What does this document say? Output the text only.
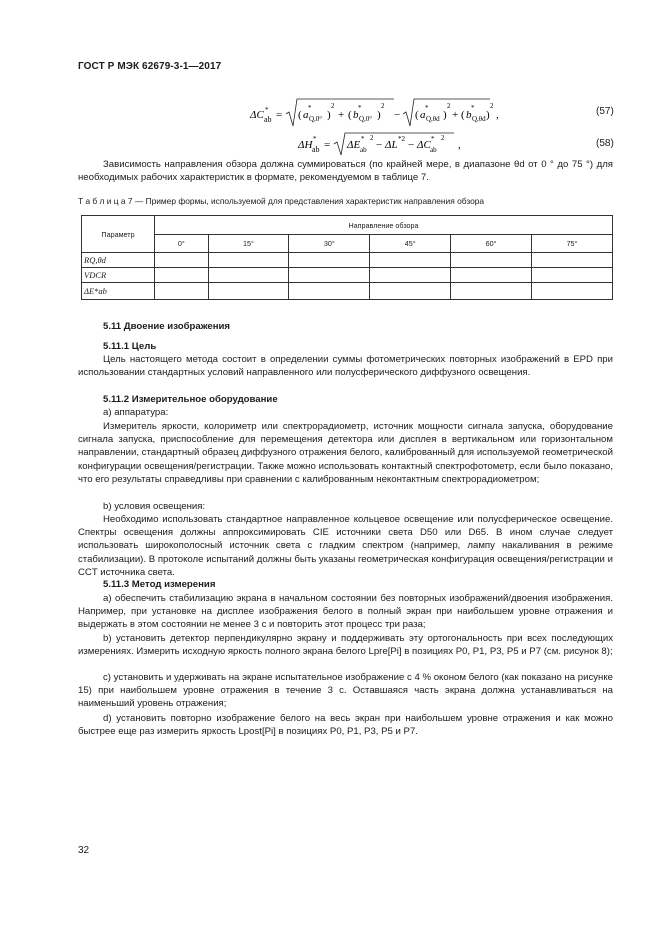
ГОСТ Р МЭК 62679-3-1—2017
ΔC *
ab = ( a
*
Q,0° )
2
+ ( b
*
Q,0° )
2
− ( a
*
Q,θd )
2
+ ( b
*
Q,θd )
2
,	(57)
ΔH *
ab = ΔE *
ab
2
− ΔL *2 − ΔC *
ab
2
,	(58)
Зависимость направления обзора должна суммироваться (по крайней мере, в диапазоне θd от 0 ° до 75 °) для необходимых рабочих характеристик в формате, рекомендуемом в таблице 7.
Т а б л и ц а 7 — Пример формы, используемой для представления характеристик направления обзора
Параметр	Направление обзора					
	0°	15°	30°	45°	60°	75°
RQ,θd						
VDCR						
ΔE*ab						
5.11 Двоение изображения
5.11.1 Цель
Цель настоящего метода состоит в определении суммы фотометрических повторных изображений в EPD при использовании стандартных условий направленного или полусферического диффузного освещения.
5.11.2 Измерительное оборудование
а) аппаратура:
Измеритель яркости, колориметр или спектрорадиометр, источник мощности сигнала запуска, оборудование сигнала запуска, приспособление для перемещения детектора или дисплея в вертикальном или горизонтальном направлении, стандартный образец диффузного отражения белого, калиброванный для используемой геометрической конфигурации освещения/регистрации. Также можно использовать контактный спектрофотометр, если было показано, что его результаты справедливы при сравнении с калиброванным неконтактным спектрорадиометром;
b) условия освещения:
Необходимо использовать стандартное направленное кольцевое освещение или полусферическое освещение. Спектры освещения должны аппроксимировать CIE источники света D50 или D65. В ином случае следует использовать широкополосный источник света с гладким спектром (например, лампу накаливания в режиме стабилизации). В протоколе испытаний должны быть указаны геометрическая конфигурация освещения/регистрации и CCT источника света.
5.11.3 Метод измерения
а) обеспечить стабилизацию экрана в начальном состоянии без повторных изображений/двоения изображения. Например, при установке на дисплее изображения белого в полный экран при наибольшем уровне отражения и выдержать в этом состоянии не менее 3 с и повторить этот процесс три раза;
b) установить детектор перпендикулярно экрану и поддерживать эту ортогональность при всех последующих измерениях. Измерить исходную яркость полного экрана белого Lpre[Pi] в позициях P0, P1, P3, P5 и P7 (см. рисунок 8);
c) установить и удерживать на экране испытательное изображение с 4 % оконом белого (как показано на рисунке 15) при наибольшем уровне отражения в течение 3 с. Оставшаяся часть экрана должна устанавливаться на наименьший уровень отражения;
d) установить повторно изображение белого на весь экран при наибольшем уровне отражения и как можно быстрее еще раз измерить яркость Lpost[Pi] в позициях P0, P1, P3, P5 и P7.
32
